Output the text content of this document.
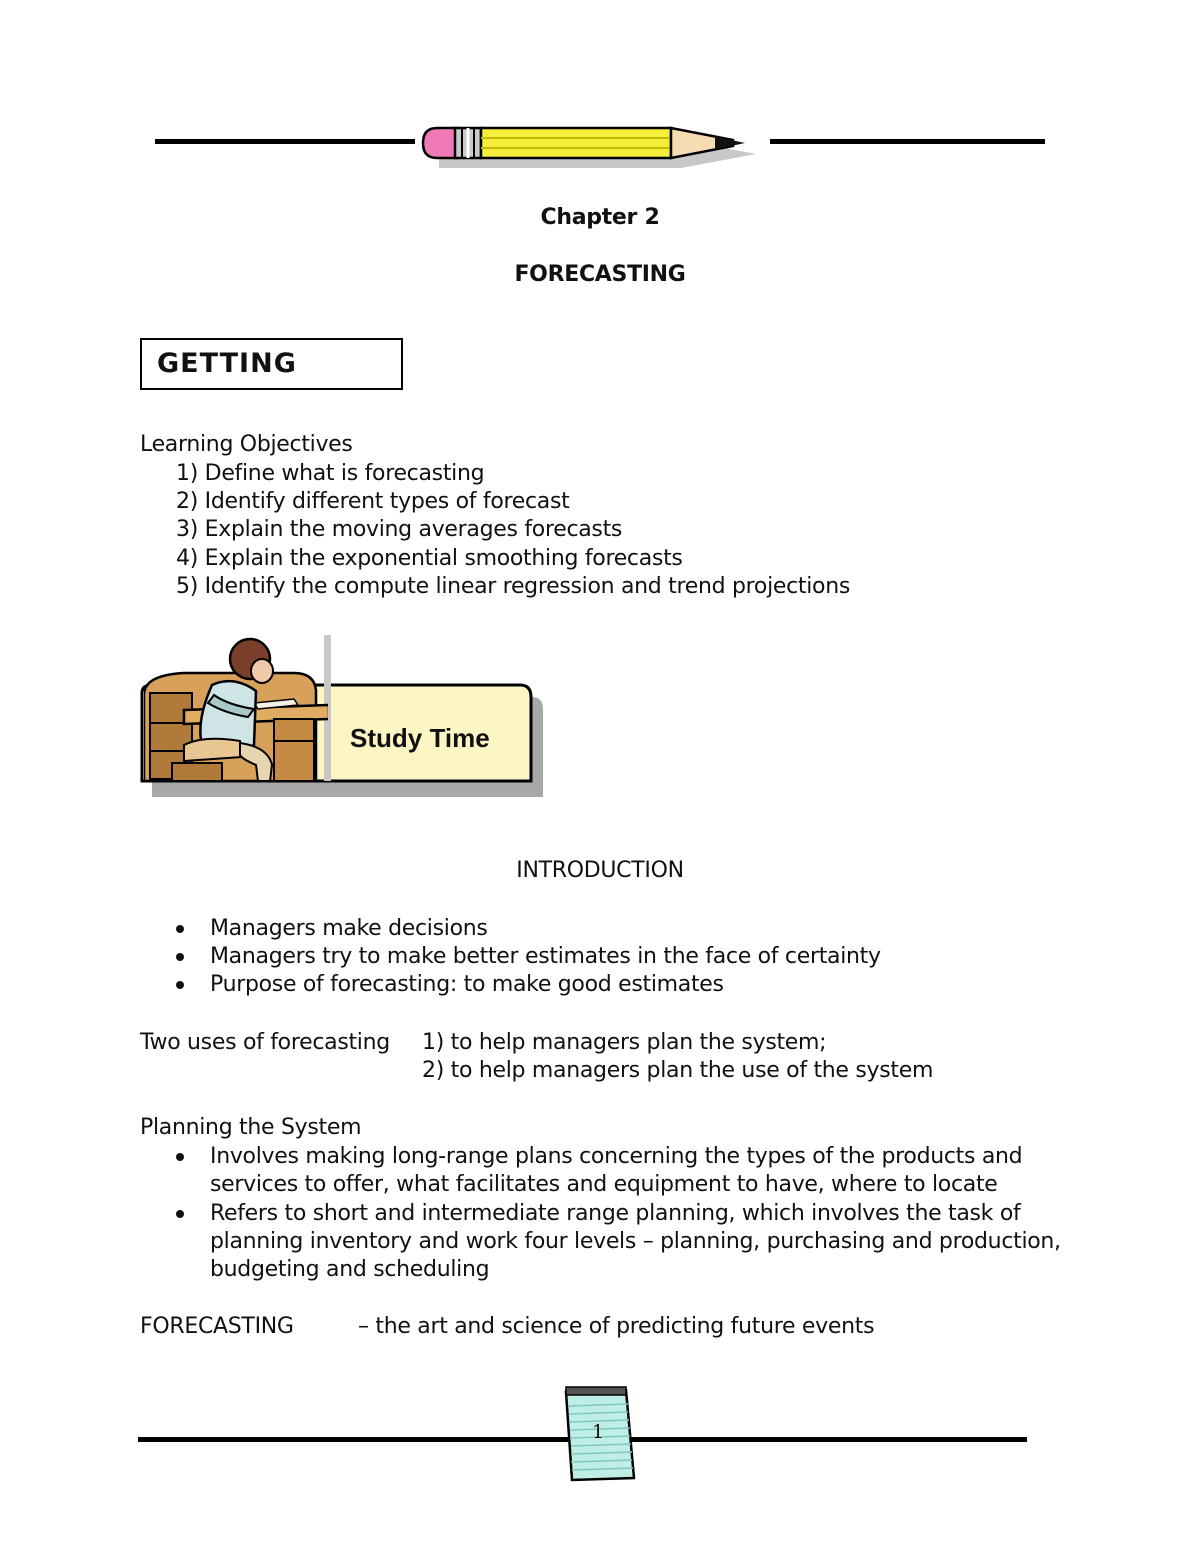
Chapter 2
FORECASTING
GETTING
Learning Objectives
1) Define what is forecasting
2) Identify different types of forecast
3) Explain the moving averages forecasts
4) Explain the exponential smoothing forecasts
5) Identify the compute linear regression and trend projections
Study Time
INTRODUCTION
Managers make decisions
Managers try to make better estimates in the face of certainty
Purpose of forecasting: to make good estimates
Two uses of forecasting 1) to help managers plan the system;
2) to help managers plan the use of the system
Planning the System
Involves making long-range plans concerning the types of the products and
services to offer, what facilitates and equipment to have, where to locate
Refers to short and intermediate range planning, which involves the task of
planning inventory and work four levels – planning, purchasing and production,
budgeting and scheduling
FORECASTING	– the art and science of predicting future events
1
